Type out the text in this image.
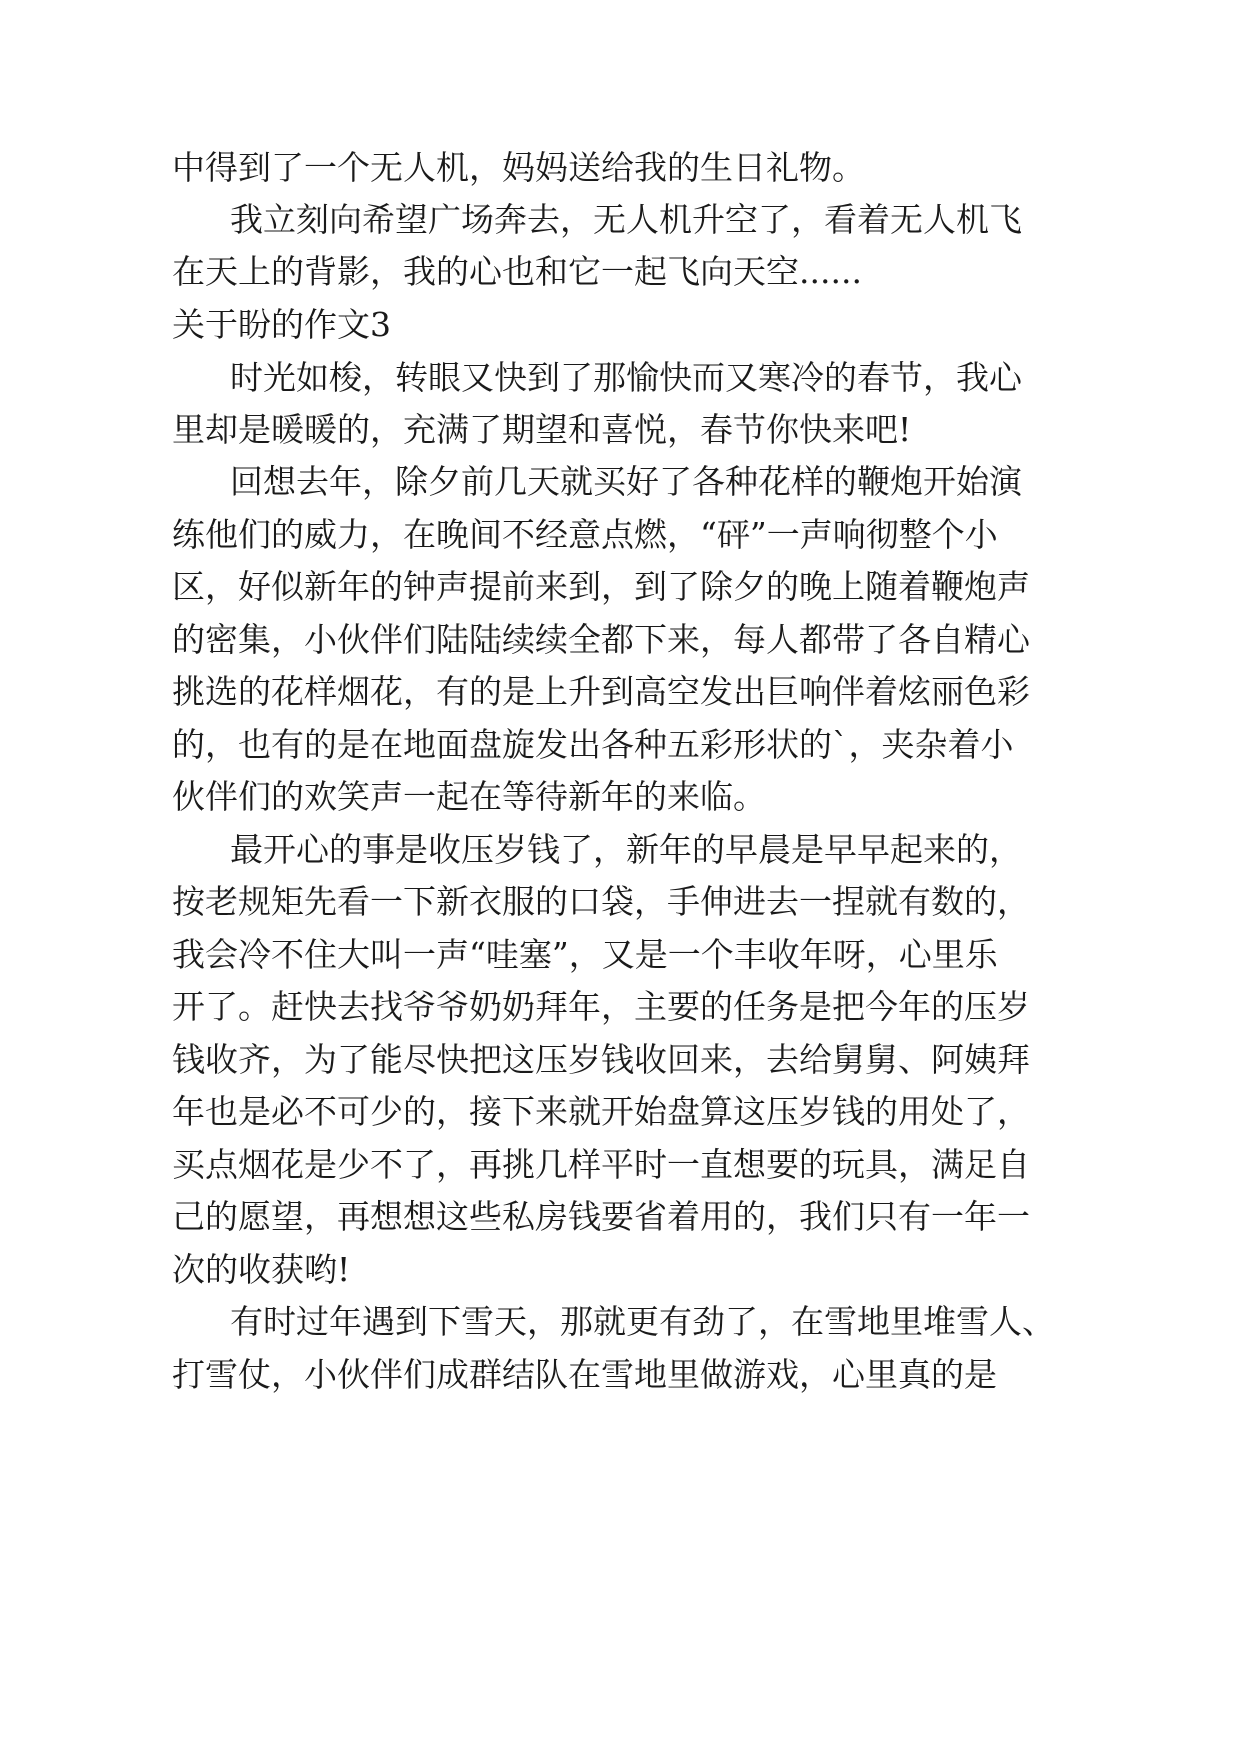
中得到了一个无人机，妈妈送给我的生日礼物。
我立刻向希望广场奔去，无人机升空了，看着无人机飞
在天上的背影，我的心也和它一起飞向天空......
关于盼的作文3
时光如梭，转眼又快到了那愉快而又寒冷的春节，我心
里却是暖暖的，充满了期望和喜悦，春节你快来吧!
回想去年，除夕前几天就买好了各种花样的鞭炮开始演
练他们的威力，在晚间不经意点燃，“砰”一声响彻整个小
区，好似新年的钟声提前来到，到了除夕的晚上随着鞭炮声
的密集，小伙伴们陆陆续续全都下来，每人都带了各自精心
挑选的花样烟花，有的是上升到高空发出巨响伴着炫丽色彩
的，也有的是在地面盘旋发出各种五彩形状的`，夹杂着小
伙伴们的欢笑声一起在等待新年的来临。
最开心的事是收压岁钱了，新年的早晨是早早起来的，
按老规矩先看一下新衣服的口袋，手伸进去一捏就有数的，
我会冷不住大叫一声“哇塞”，又是一个丰收年呀，心里乐
开了。赶快去找爷爷奶奶拜年，主要的任务是把今年的压岁
钱收齐，为了能尽快把这压岁钱收回来，去给舅舅、阿姨拜
年也是必不可少的，接下来就开始盘算这压岁钱的用处了，
买点烟花是少不了，再挑几样平时一直想要的玩具，满足自
己的愿望，再想想这些私房钱要省着用的，我们只有一年一
次的收获哟!
有时过年遇到下雪天，那就更有劲了，在雪地里堆雪人、
打雪仗，小伙伴们成群结队在雪地里做游戏，心里真的是
